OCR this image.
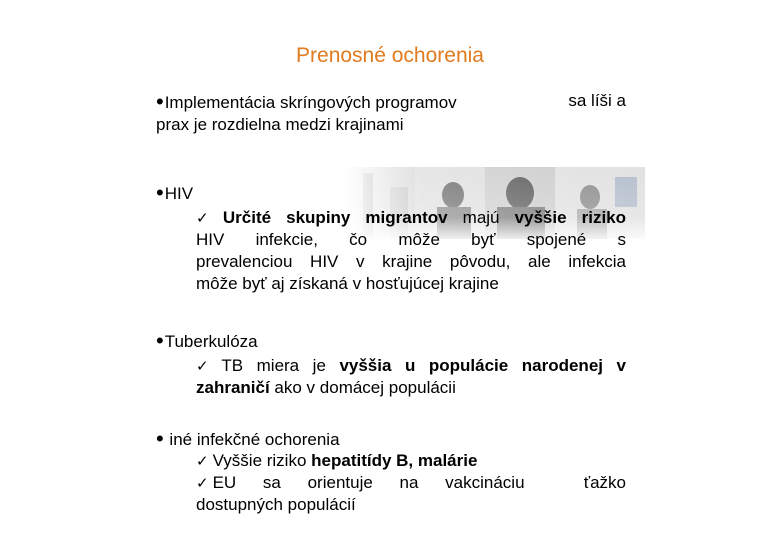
Prenosné ochorenia
•Implementácia skríngových programov	sa líši a
prax je rozdielna medzi krajinami
•HIV
✓ Určité skupiny migrantov majú vyššie riziko
HIV infekcie, čo môže byť spojené s
prevalenciou HIV v krajine pôvodu, ale infekcia
môže byť aj získaná v hosťujúcej krajine
•Tuberkulóza
✓ TB miera je vyššia u populácie narodenej v
zahraničí ako v domácej populácii
• iné infekčné ochorenia
✓ Vyššie riziko hepatitídy B, malárie
✓ EU sa orientuje na vakcináciu	ťažko
dostupných populácií
